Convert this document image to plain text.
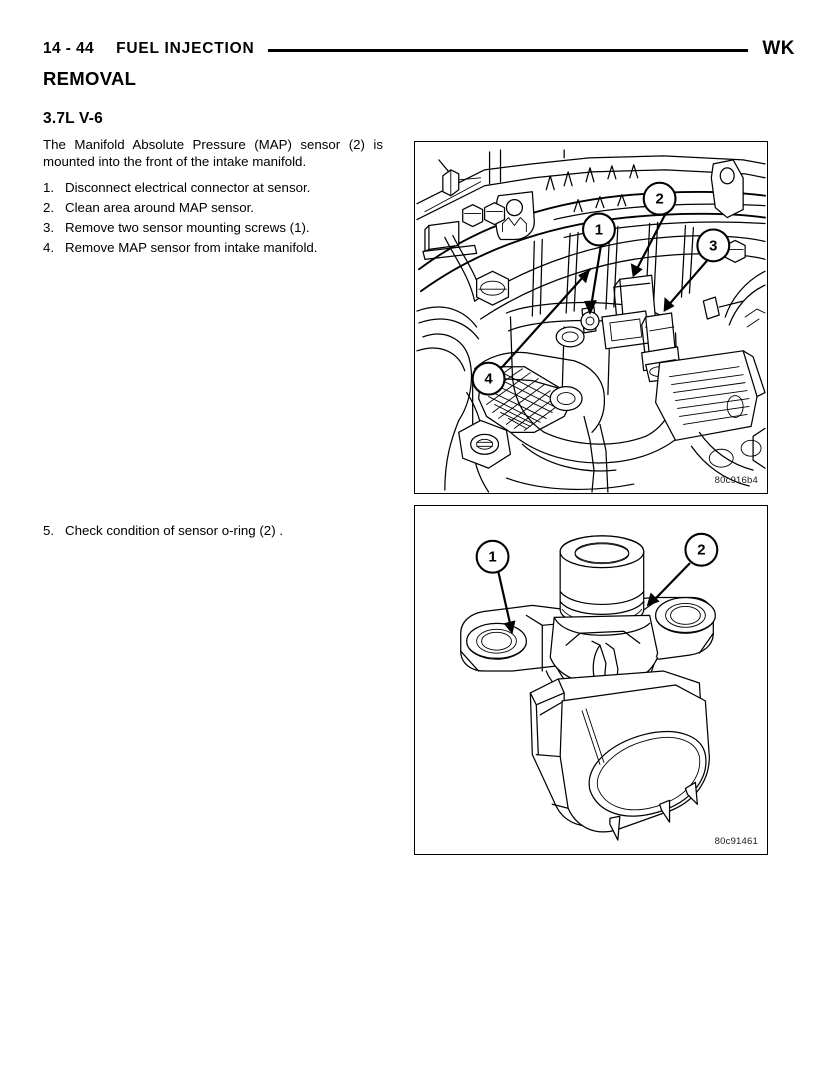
14 - 44 FUEL INJECTION	WK
REMOVAL
3.7L V-6

The Manifold Absolute Pressure (MAP) sensor (2) is mounted into the front of the intake manifold.

1. Disconnect electrical connector at sensor.
2. Clean area around MAP sensor.
3. Remove two sensor mounting screws (1).
4. Remove MAP sensor from intake manifold.
5. Check condition of sensor o-ring (2) .
1
2
3
4
80c916b4
1	2
80c91461
